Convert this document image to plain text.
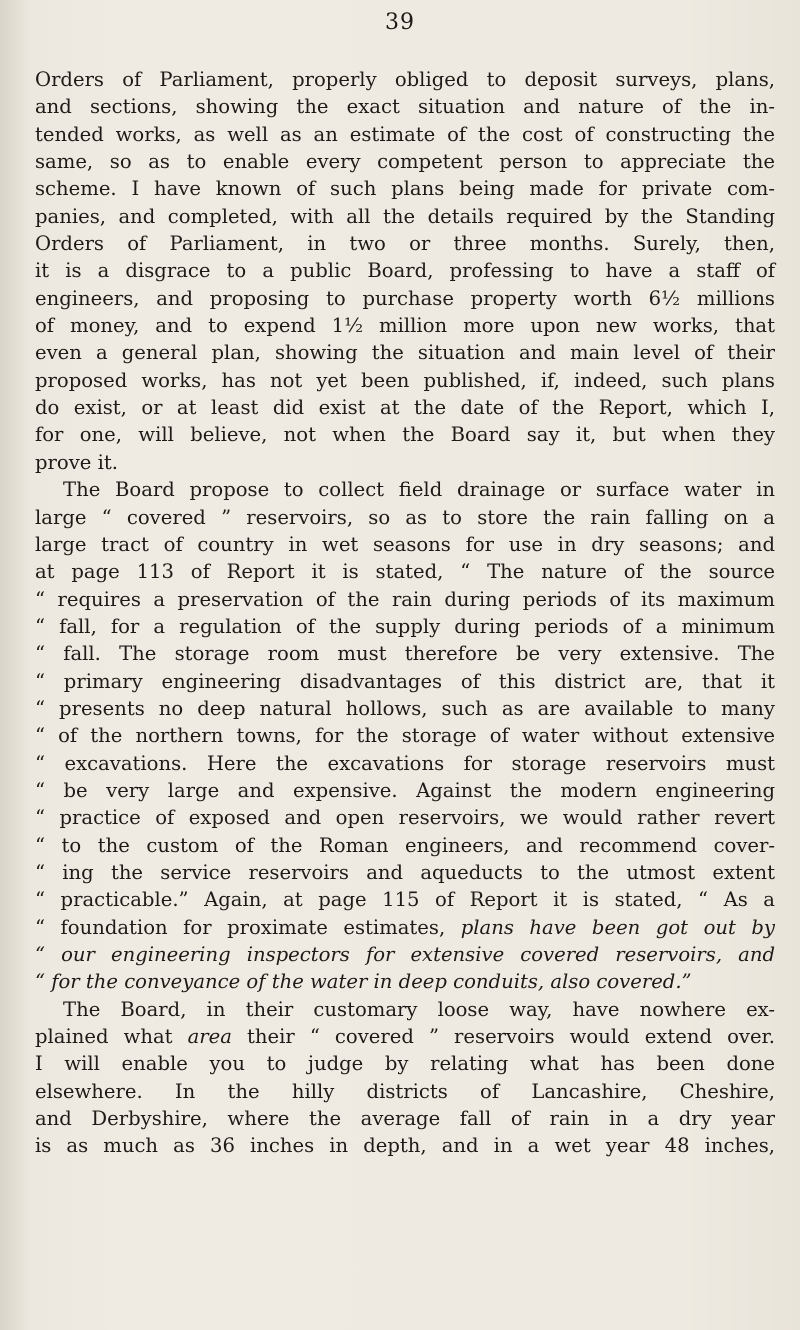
39

Orders of Parliament, properly obliged to deposit surveys, plans,

and sections, showing the exact situation and nature of the in-

tended works, as well as an estimate of the cost of constructing the

same, so as to enable every competent person to appreciate the

scheme. I have known of such plans being made for private com-

panies, and completed, with all the details required by the Standing

Orders of Parliament, in two or three months. Surely, then,

it is a disgrace to a public Board, professing to have a staff of

engineers, and proposing to purchase property worth 6½ millions

of money, and to expend 1½ million more upon new works, that

even a general plan, showing the situation and main level of their

proposed works, has not yet been published, if, indeed, such plans

do exist, or at least did exist at the date of the Report, which I,

for one, will believe, not when the Board say it, but when they

prove it.

The Board propose to collect field drainage or surface water in

large “ covered ” reservoirs, so as to store the rain falling on a

large tract of country in wet seasons for use in dry seasons; and

at page 113 of Report it is stated, “ The nature of the source

“ requires a preservation of the rain during periods of its maximum

“ fall, for a regulation of the supply during periods of a minimum

“ fall. The storage room must therefore be very extensive. The

“ primary engineering disadvantages of this district are, that it

“ presents no deep natural hollows, such as are available to many

“ of the northern towns, for the storage of water without extensive

“ excavations. Here the excavations for storage reservoirs must

“ be very large and expensive. Against the modern engineering

“ practice of exposed and open reservoirs, we would rather revert

“ to the custom of the Roman engineers, and recommend cover-

“ ing the service reservoirs and aqueducts to the utmost extent

“ practicable.” Again, at page 115 of Report it is stated, “ As a

“ foundation for proximate estimates, plans have been got out by

“ our engineering inspectors for extensive covered reservoirs, and

“ for the conveyance of the water in deep conduits, also covered.”

The Board, in their customary loose way, have nowhere ex-

plained what area their “ covered ” reservoirs would extend over.

I will enable you to judge by relating what has been done

elsewhere. In the hilly districts of Lancashire, Cheshire,

and Derbyshire, where the average fall of rain in a dry year

is as much as 36 inches in depth, and in a wet year 48 inches,
